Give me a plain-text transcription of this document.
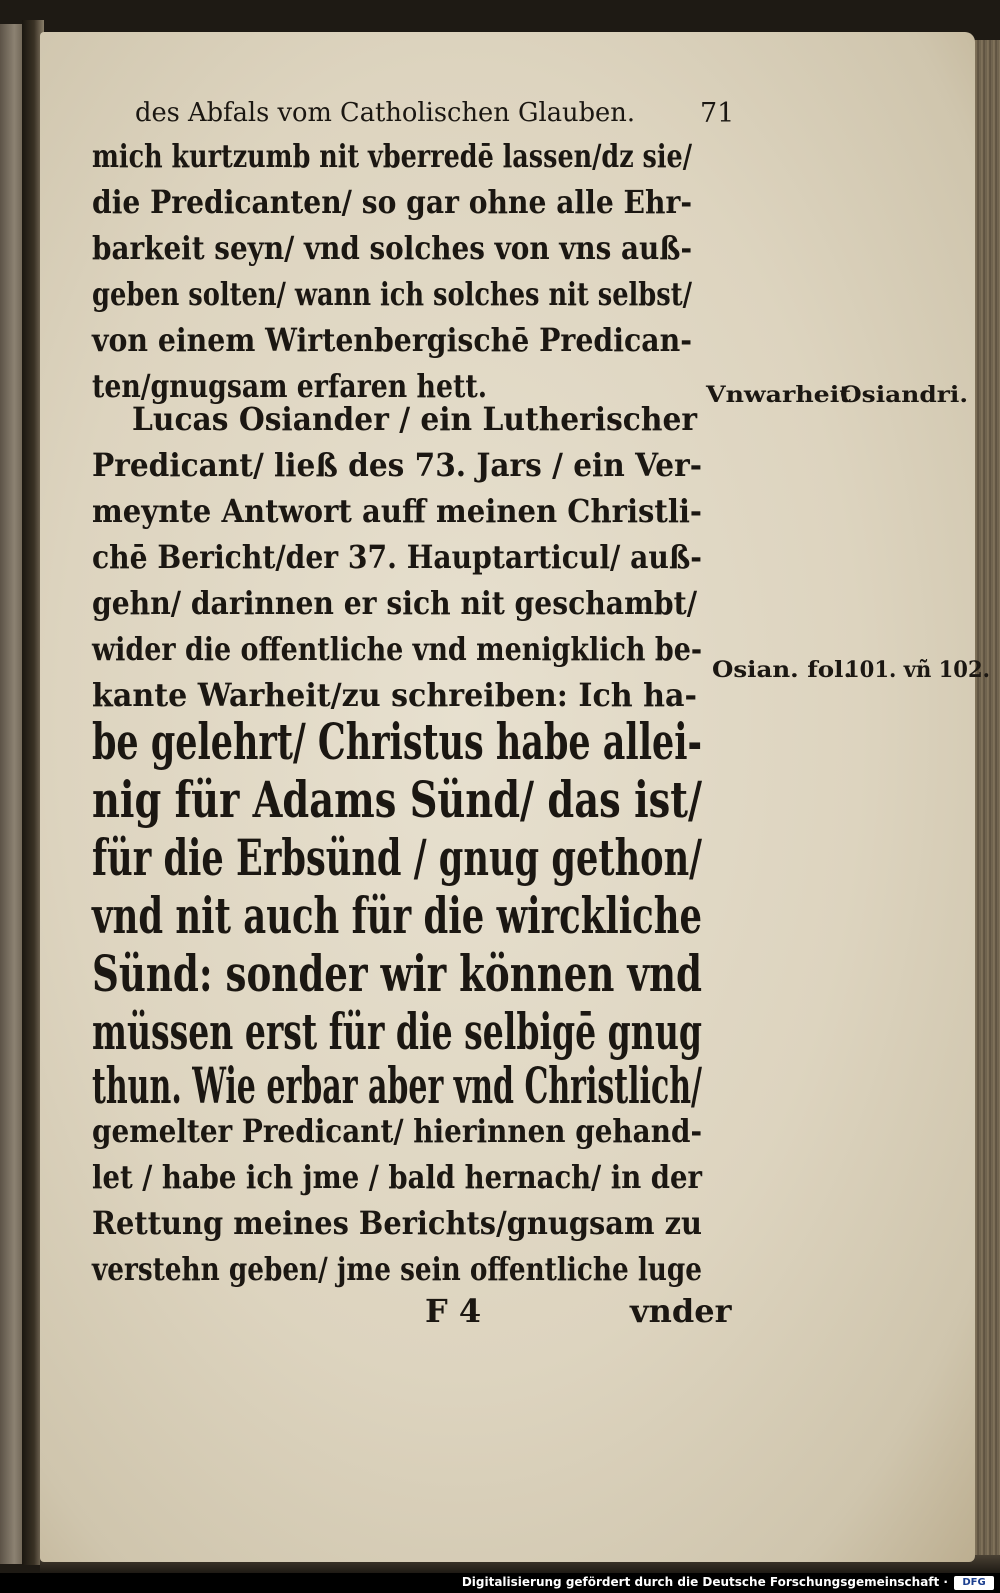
des Abfals vom Catholischen Glauben. 71
mich kurtzumb nit vberredē lassen/dz sie/
die Predicanten/ so gar ohne alle Ehr-
barkeit seyn/ vnd solches von vns auß-
geben solten/ wann ich solches nit selbst/
von einem Wirtenbergischē Predican-
ten/gnugsam erfaren hett.
Lucas Osiander / ein Lutherischer
Predicant/ ließ des 73. Jars / ein Ver-
meynte Antwort auff meinen Christli-
chē Bericht/der 37. Hauptarticul/ auß-
gehn/ darinnen er sich nit geschambt/
wider die offentliche vnd menigklich be-
kante Warheit/zu schreiben: Ich ha-
be gelehrt/ Christus habe allei-
nig für Adams Sünd/ das ist/
für die Erbsünd / gnug gethon/
vnd nit auch für die wirckliche
Sünd: sonder wir können vnd
müssen erst für die selbigē gnug
thun. Wie erbar aber vnd Christlich/
gemelter Predicant/ hierinnen gehand-
let / habe ich jme / bald hernach/ in der
Rettung meines Berichts/gnugsam zu
verstehn geben/ jme sein offentliche luge
F 4	vnder
Vnwarheit Osiandri.
Osian. fol. 101. vñ 102.
Digitalisierung gefördert durch die Deutsche Forschungsgemeinschaft ·	DFG
